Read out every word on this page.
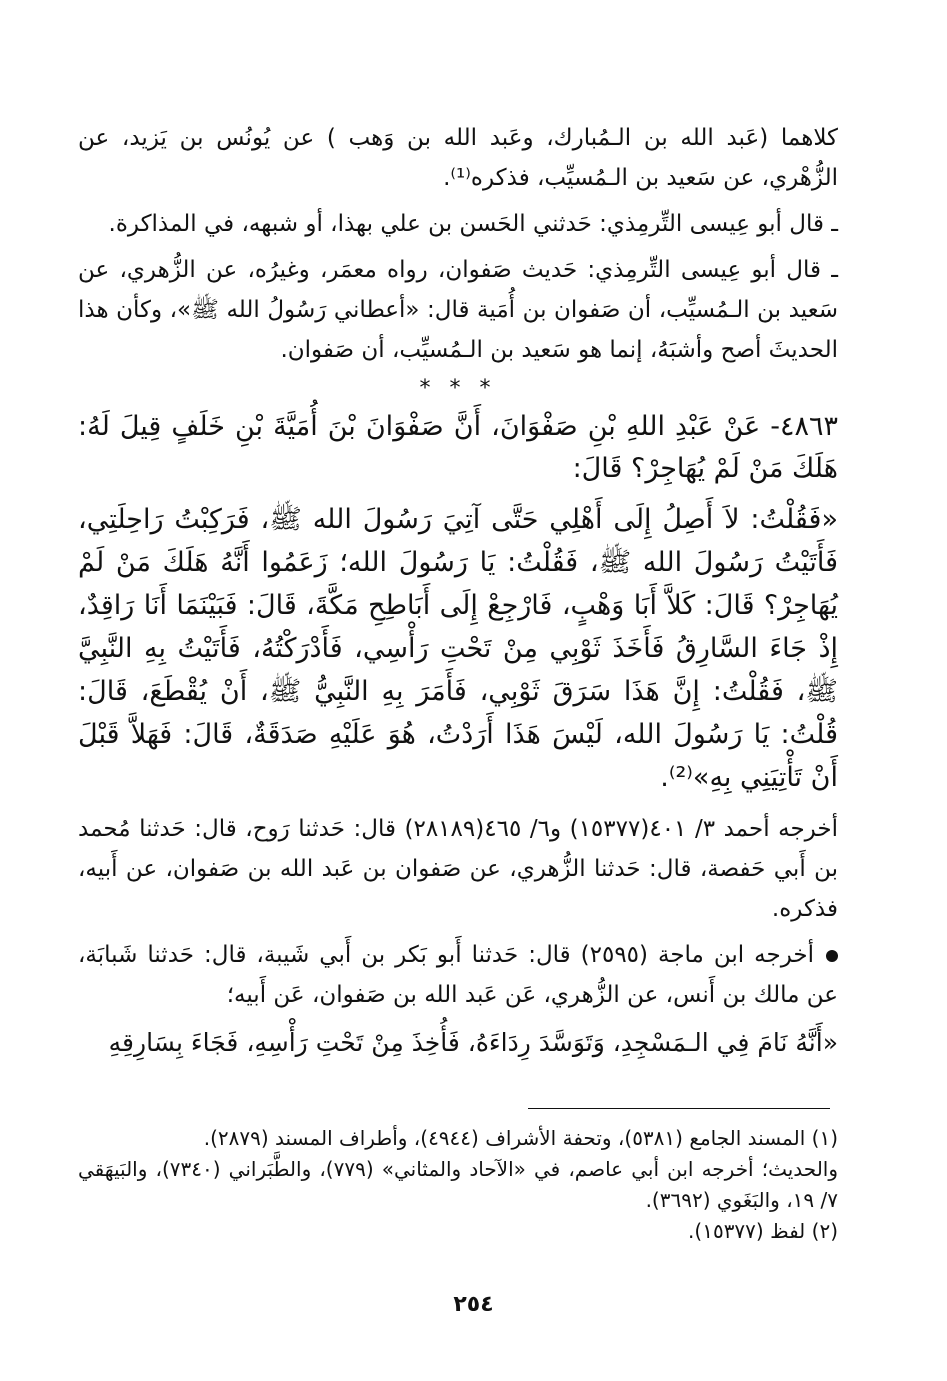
كلاهما (عَبد الله بن الـمُبارك، وعَبد الله بن وَهب ) عن يُونُس بن يَزيد، عن الزُّهْري، عن سَعيد بن الـمُسيِّب، فذكره⁽¹⁾.

ـ قال أبو عِيسى التِّرمِذي: حَدثني الحَسن بن علي بهذا، أو شبهه، في المذاكرة.

ـ قال أبو عِيسى التِّرمِذي: حَديث صَفوان، رواه معمَر، وغيرُه، عن الزُّهري، عن سَعيد بن الـمُسيِّب، أن صَفوان بن أُمَية قال: «أعطاني رَسُولُ الله ﷺ»، وكأن هذا الحديثَ أصح وأشبَهُ، إنما هو سَعيد بن الـمُسيِّب، أن صَفوان.

* * *

٤٨٦٣- عَنْ عَبْدِ اللهِ بْنِ صَفْوَانَ، أَنَّ صَفْوَانَ بْنَ أُمَيَّةَ بْنِ خَلَفٍ قِيلَ لَهُ: هَلَكَ مَنْ لَمْ يُهَاجِرْ؟ قَالَ:

«فَقُلْتُ: لاَ أَصِلُ إِلَى أَهْلِي حَتَّى آتِيَ رَسُولَ الله ﷺ، فَرَكِبْتُ رَاحِلَتِي، فَأَتَيْتُ رَسُولَ الله ﷺ، فَقُلْتُ: يَا رَسُولَ الله؛ زَعَمُوا أَنَّهُ هَلَكَ مَنْ لَمْ يُهَاجِرْ؟ قَالَ: كَلاَّ أَبَا وَهْبٍ، فَارْجِعْ إِلَى أَبَاطِحِ مَكَّةَ، قَالَ: فَبَيْنَمَا أَنَا رَاقِدٌ، إِذْ جَاءَ السَّارِقُ فَأَخَذَ ثَوْبِي مِنْ تَحْتِ رَأْسِي، فَأَدْرَكْتُهُ، فَأَتَيْتُ بِهِ النَّبِيَّ ﷺ، فَقُلْتُ: إِنَّ هَذَا سَرَقَ ثَوْبِي، فَأَمَرَ بِهِ النَّبِيُّ ﷺ، أَنْ يُقْطَعَ، قَالَ: قُلْتُ: يَا رَسُولَ الله، لَيْسَ هَذَا أَرَدْتُ، هُوَ عَلَيْهِ صَدَقَةٌ، قَالَ: فَهَلاَّ قَبْلَ أَنْ تَأْتِيَنِي بِهِ»⁽²⁾.

أخرجه أحمد ٣/ ٤٠١(١٥٣٧٧) و٦/ ٤٦٥(٢٨١٨٩) قال: حَدثنا رَوح، قال: حَدثنا مُحمد بن أَبي حَفصة، قال: حَدثنا الزُّهري، عن صَفوان بن عَبد الله بن صَفوان، عن أَبيه، فذكره.

أخرجه ابن ماجة (٢٥٩٥) قال: حَدثنا أَبو بَكر بن أَبي شَيبة، قال: حَدثنا شَبابَة، عن مالك بن أَنس، عن الزُّهري، عَن عَبد الله بن صَفوان، عَن أَبيه؛

«أَنَّهُ نَامَ فِي الـمَسْجِدِ، وَتَوَسَّدَ رِدَاءَهُ، فَأُخِذَ مِنْ تَحْتِ رَأْسِهِ، فَجَاءَ بِسَارِقِهِ

(١) المسند الجامع (٥٣٨١)، وتحفة الأشراف (٤٩٤٤)، وأطراف المسند (٢٨٧٩).

والحديث؛ أخرجه ابن أبي عاصم، في «الآحاد والمثاني» (٧٧٩)، والطَّبَراني (٧٣٤٠)، والبَيهَقي ٧/ ١٩، والبَغَوي (٣٦٩٢).

(٢) لفظ (١٥٣٧٧).

٢٥٤
